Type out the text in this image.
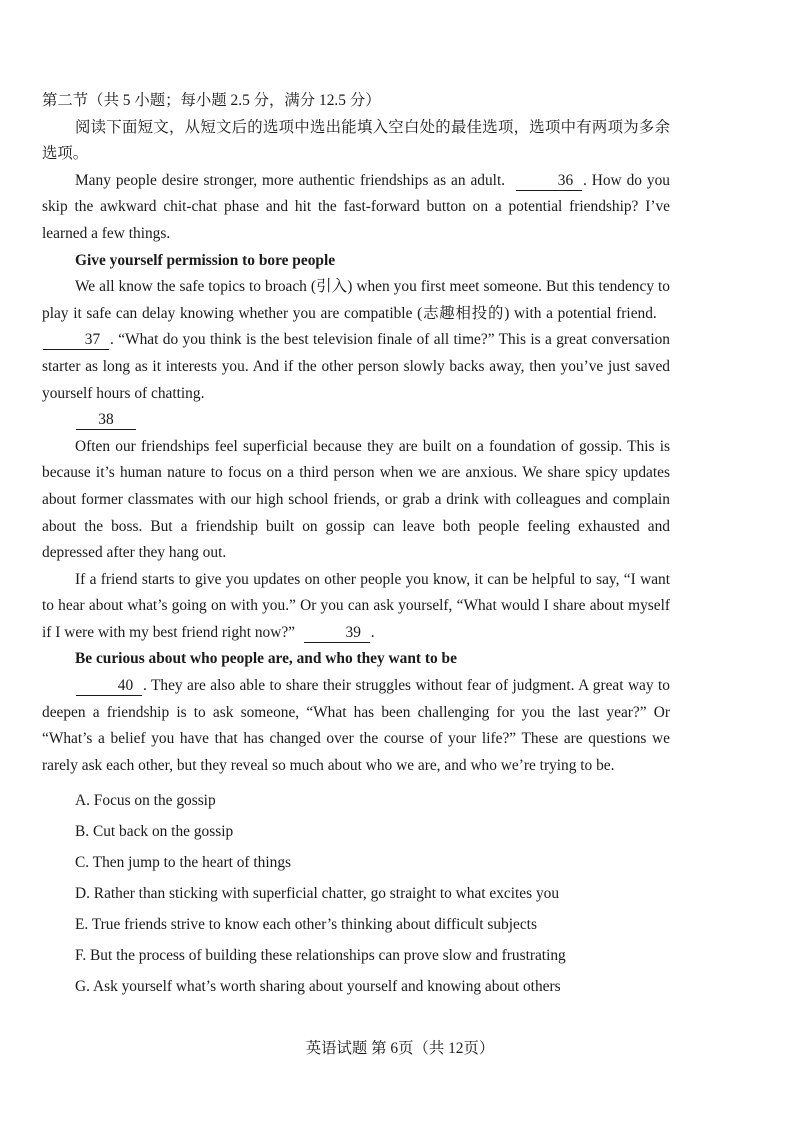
第二节（共 5 小题；每小题 2.5 分，满分 12.5 分）

阅读下面短文，从短文后的选项中选出能填入空白处的最佳选项，选项中有两项为多余选项。

Many people desire stronger, more authentic friendships as an adult.	36 . How do you skip the awkward chit-chat phase and hit the fast-forward button on a potential friendship? I’ve learned a few things.

Give yourself permission to bore people

We all know the safe topics to broach (引入) when you first meet someone. But this tendency to play it safe can delay knowing whether you are compatible (志趣相投的) with a potential friend.   37 . “What do you think is the best television finale of all time?” This is a great conversation starter as long as it interests you. And if the other person slowly backs away, then you’ve just saved yourself hours of chatting.

38

Often our friendships feel superficial because they are built on a foundation of gossip. This is because it’s human nature to focus on a third person when we are anxious. We share spicy updates about former classmates with our high school friends, or grab a drink with colleagues and complain about the boss. But a friendship built on gossip can leave both people feeling exhausted and depressed after they hang out.

If a friend starts to give you updates on other people you know, it can be helpful to say, “I want to hear about what’s going on with you.” Or you can ask yourself, “What would I share about myself if I were with my best friend right now?”	39 .

Be curious about who people are, and who they want to be

40 . They are also able to share their struggles without fear of judgment. A great way to deepen a friendship is to ask someone, “What has been challenging for you the last year?” Or “What’s a belief you have that has changed over the course of your life?” These are questions we rarely ask each other, but they reveal so much about who we are, and who we’re trying to be.

A. Focus on the gossip
B. Cut back on the gossip
C. Then jump to the heart of things
D. Rather than sticking with superficial chatter, go straight to what excites you
E. True friends strive to know each other’s thinking about difficult subjects
F. But the process of building these relationships can prove slow and frustrating
G. Ask yourself what’s worth sharing about yourself and knowing about others
英语试题 第 6页（共 12页）
